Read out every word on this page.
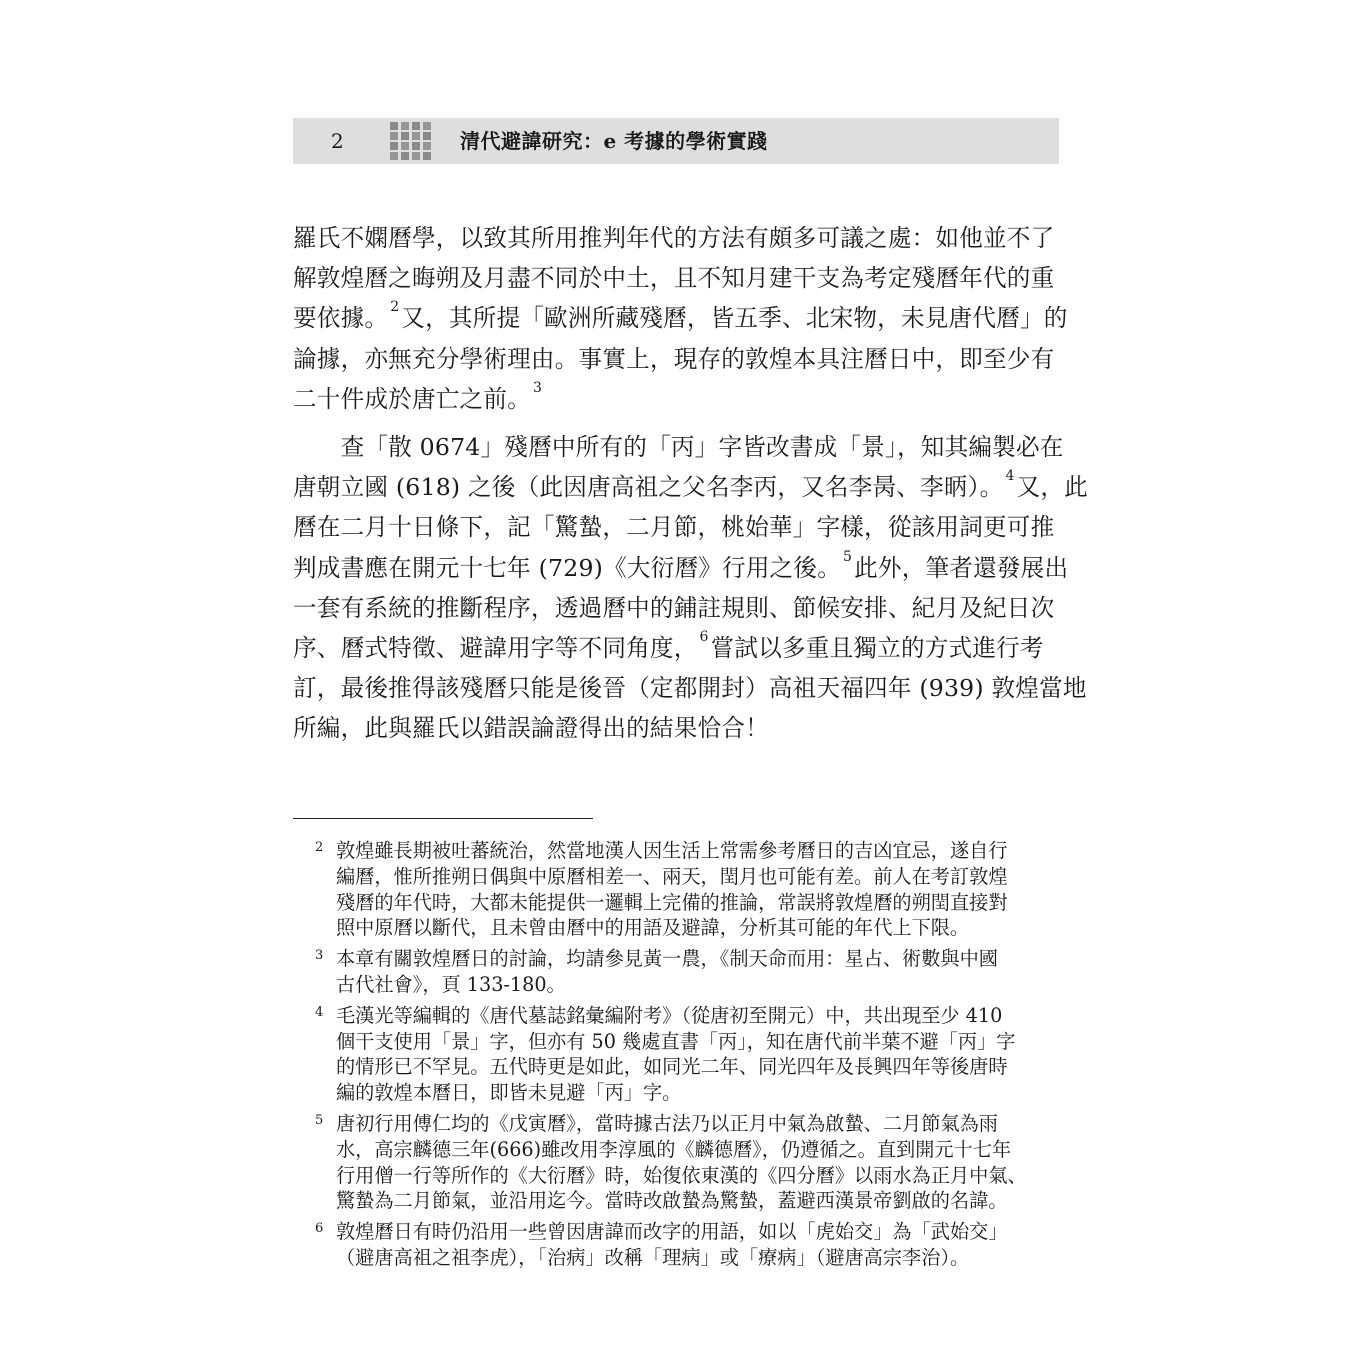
2	清代避諱研究：e 考據的學術實踐

羅氏不嫻曆學，以致其所用推判年代的方法有頗多可議之處：如他並不了
解敦煌曆之晦朔及月盡不同於中土，且不知月建干支為考定殘曆年代的重
要依據。 $^2$又，其所提「歐洲所藏殘曆，皆五季、北宋物，未見唐代曆」的
論據，亦無充分學術理由。事實上，現存的敦煌本具注曆日中，即至少有
二十件成於唐亡之前。 $^3$

　　查「散 0674」殘曆中所有的「丙」字皆改書成「景」，知其編製必在
唐朝立國 (618) 之後（此因唐高祖之父名李丙，又名李昺、李昞）。 $^4$又，此
曆在二月十日條下，記「驚蟄，二月節，桃始華」字樣，從該用詞更可推
判成書應在開元十七年 (729)《大衍曆》行用之後。 $^5$此外，筆者還發展出
一套有系統的推斷程序，透過曆中的鋪註規則、節候安排、紀月及紀日次
序、曆式特徵、避諱用字等不同角度， $^6$嘗試以多重且獨立的方式進行考
訂，最後推得該殘曆只能是後晉（定都開封）高祖天福四年 (939) 敦煌當地
所編，此與羅氏以錯誤論證得出的結果恰合！

2 敦煌雖長期被吐蕃統治，然當地漢人因生活上常需參考曆日的吉凶宜忌，遂自行
編曆，惟所推朔日偶與中原曆相差一、兩天，閏月也可能有差。前人在考訂敦煌
殘曆的年代時，大都未能提供一邏輯上完備的推論，常誤將敦煌曆的朔閏直接對
照中原曆以斷代，且未曾由曆中的用語及避諱，分析其可能的年代上下限。
3 本章有關敦煌曆日的討論，均請參見黃一農，《制天命而用：星占、術數與中國
古代社會》，頁 133-180。
4 毛漢光等編輯的《唐代墓誌銘彙編附考》（從唐初至開元）中，共出現至少 410
個干支使用「景」字，但亦有 50 幾處直書「丙」，知在唐代前半葉不避「丙」字
的情形已不罕見。五代時更是如此，如同光二年、同光四年及長興四年等後唐時
編的敦煌本曆日，即皆未見避「丙」字。
5 唐初行用傅仁均的《戊寅曆》，當時據古法乃以正月中氣為啟蟄、二月節氣為雨
水，高宗麟德三年(666)雖改用李淳風的《麟德曆》，仍遵循之。直到開元十七年
行用僧一行等所作的《大衍曆》時，始復依東漢的《四分曆》以雨水為正月中氣、
驚蟄為二月節氣，並沿用迄今。當時改啟蟄為驚蟄，蓋避西漢景帝劉啟的名諱。
6 敦煌曆日有時仍沿用一些曾因唐諱而改字的用語，如以「虎始交」為「武始交」
（避唐高祖之祖李虎），「治病」改稱「理病」或「療病」（避唐高宗李治）。
